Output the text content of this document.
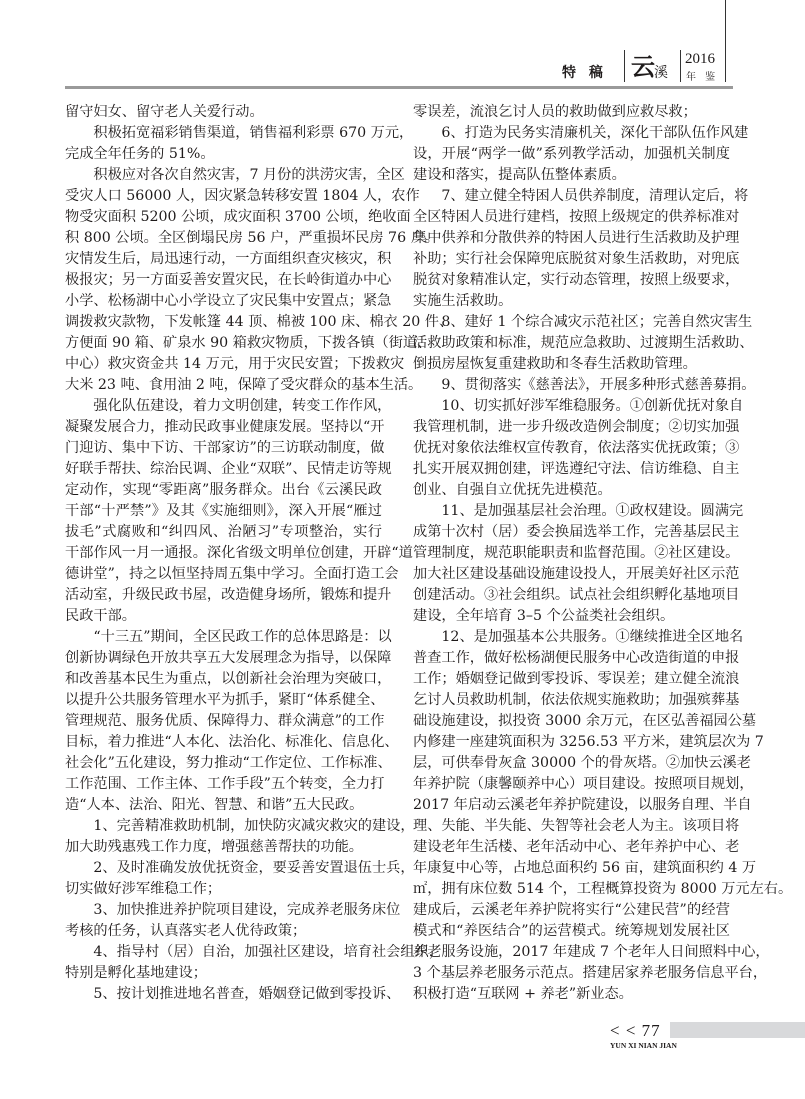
特 稿 云 溪
2016
年 鉴
留守妇女、留守老人关爱行动。
积极拓宽福彩销售渠道，销售福利彩票 670 万元，
完成全年任务的 51%。
积极应对各次自然灾害，7 月份的洪涝灾害，全区
受灾人口 56000 人，因灾紧急转移安置 1804 人，农作
物受灾面积 5200 公顷，成灾面积 3700 公顷，绝收面
积 800 公顷。全区倒塌民房 56 户，严重损坏民房 76 户。
灾情发生后，局迅速行动，一方面组织查灾核灾，积
极报灾；另一方面妥善安置灾民，在长岭街道办中心
小学、松杨湖中心小学设立了灾民集中安置点；紧急
调拨救灾款物，下发帐篷 44 顶、棉被 100 床、棉衣 20 件、
方便面 90 箱、矿泉水 90 箱救灾物质，下拨各镇（街道、
中心）救灾资金共 14 万元，用于灾民安置；下拨救灾
大米 23 吨、食用油 2 吨，保障了受灾群众的基本生活。
强化队伍建设，着力文明创建，转变工作作风，
凝聚发展合力，推动民政事业健康发展。坚持以“开
门迎访、集中下访、干部家访”的三访联动制度，做
好联手帮扶、综治民调、企业“双联”、民情走访等规
定动作，实现“零距离”服务群众。出台《云溪民政
干部“十严禁”》及其《实施细则》，深入开展“雁过
拔毛”式腐败和“纠四风、治陋习”专项整治，实行
干部作风一月一通报。深化省级文明单位创建，开辟“道
德讲堂”，持之以恒坚持周五集中学习。全面打造工会
活动室，升级民政书屋，改造健身场所，锻炼和提升
民政干部。
“十三五”期间，全区民政工作的总体思路是：以
创新协调绿色开放共享五大发展理念为指导，以保障
和改善基本民生为重点，以创新社会治理为突破口，
以提升公共服务管理水平为抓手，紧盯“体系健全、
管理规范、服务优质、保障得力、群众满意”的工作
目标，着力推进“人本化、法治化、标准化、信息化、
社会化”五化建设，努力推动“工作定位、工作标准、
工作范围、工作主体、工作手段”五个转变，全力打
造“人本、法治、阳光、智慧、和谐”五大民政。
1、完善精准救助机制，加快防灾减灾救灾的建设，
加大助残惠残工作力度，增强慈善帮扶的功能。
2、及时准确发放优抚资金，要妥善安置退伍士兵，
切实做好涉军维稳工作；
3、加快推进养护院项目建设，完成养老服务床位
考核的任务，认真落实老人优待政策；
4、指导村（居）自治，加强社区建设，培育社会组织，
特别是孵化基地建设；
5、按计划推进地名普查，婚姻登记做到零投诉、
零误差，流浪乞讨人员的救助做到应救尽救；
6、打造为民务实清廉机关，深化干部队伍作风建
设，开展“两学一做”系列教学活动，加强机关制度
建设和落实，提高队伍整体素质。
7、建立健全特困人员供养制度，清理认定后，将
全区特困人员进行建档，按照上级规定的供养标准对
集中供养和分散供养的特困人员进行生活救助及护理
补助；实行社会保障兜底脱贫对象生活救助，对兜底
脱贫对象精准认定，实行动态管理，按照上级要求，
实施生活救助。
8、建好 1 个综合减灾示范社区；完善自然灾害生
活救助政策和标准，规范应急救助、过渡期生活救助、
倒损房屋恢复重建救助和冬春生活救助管理。
9、贯彻落实《慈善法》，开展多种形式慈善募捐。
10、切实抓好涉军维稳服务。①创新优抚对象自
我管理机制，进一步升级改造例会制度；②切实加强
优抚对象依法维权宣传教育，依法落实优抚政策；③
扎实开展双拥创建，评选遵纪守法、信访维稳、自主
创业、自强自立优抚先进模范。
11、是加强基层社会治理。①政权建设。圆满完
成第十次村（居）委会换届选举工作，完善基层民主
管理制度，规范职能职责和监督范围。②社区建设。
加大社区建设基础设施建设投人，开展美好社区示范
创建活动。③社会组织。试点社会组织孵化基地项目
建设，全年培育 3–5 个公益类社会组织。
12、是加强基本公共服务。①继续推进全区地名
普查工作，做好松杨湖便民服务中心改造街道的申报
工作；婚姻登记做到零投诉、零误差；建立健全流浪
乞讨人员救助机制，依法依规实施救助；加强殡葬基
础设施建设，拟投资 3000 余万元，在区弘善福园公墓
内修建一座建筑面积为 3256.53 平方米，建筑层次为 7
层，可供奉骨灰盒 30000 个的骨灰塔。②加快云溪老
年养护院（康馨颐养中心）项目建设。按照项目规划，
2017 年启动云溪老年养护院建设，以服务自理、半自
理、失能、半失能、失智等社会老人为主。该项目将
建设老年生活楼、老年活动中心、老年养护中心、老
年康复中心等，占地总面积约 56 亩，建筑面积约 4 万
㎡，拥有床位数 514 个，工程概算投资为 8000 万元左右。
建成后，云溪老年养护院将实行“公建民营”的经营
模式和“养医结合”的运营模式。统筹规划发展社区
养老服务设施，2017 年建成 7 个老年人日间照料中心，
3 个基层养老服务示范点。搭建居家养老服务信息平台，
积极打造“互联网 + 养老”新业态。
< < 77
YUN XI NIAN JIAN
